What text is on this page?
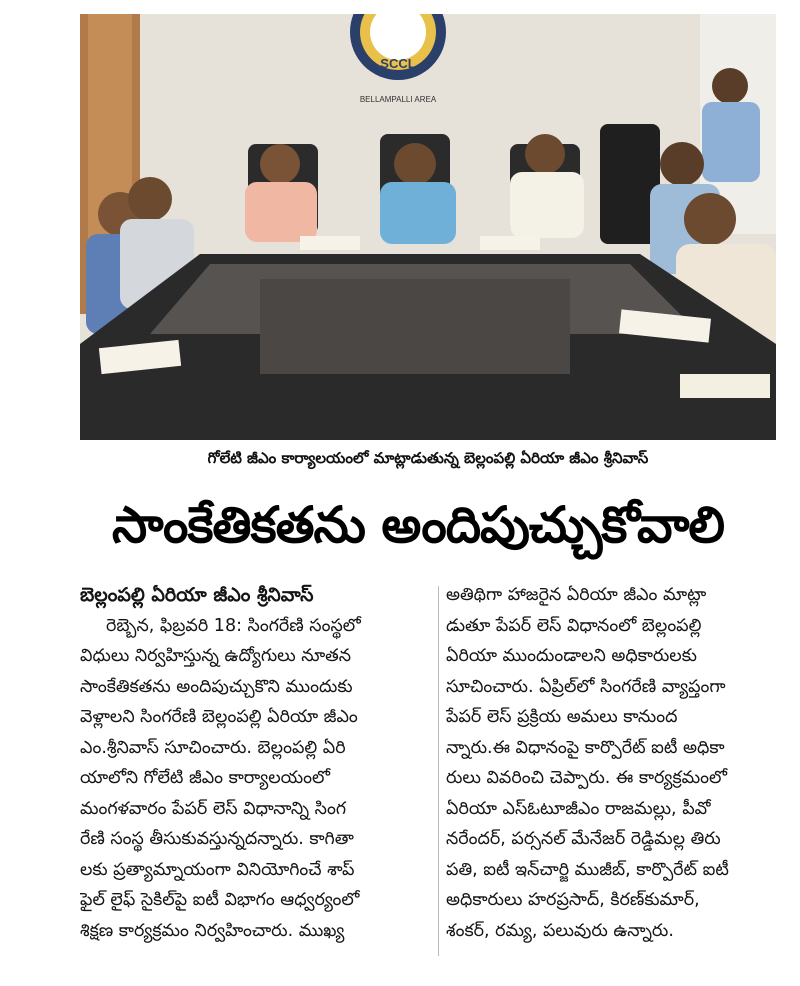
SCCL
BELLAMPALLI AREA
గోలేటి జీఎం కార్యాలయంలో మాట్లాడుతున్న బెల్లంపల్లి ఏరియా జీఎం శ్రీనివాస్
సాంకేతికతను అందిపుచ్చుకోవాలి
బెల్లంపల్లి ఏరియా జీఎం శ్రీనివాస్
రెబ్బెన, ఫిబ్రవరి 18: సింగరేణి సంస్థలో
విధులు నిర్వహిస్తున్న ఉద్యోగులు నూతన
సాంకేతికతను అందిపుచ్చుకొని ముందుకు
వెళ్లాలని సింగరేణి బెల్లంపల్లి ఏరియా జీఎం
ఎం.శ్రీనివాస్ సూచించారు. బెల్లంపల్లి ఏరి
యాలోని గోలేటి జీఎం కార్యాలయంలో
మంగళవారం పేపర్ లెస్ విధానాన్ని సింగ
రేణి సంస్థ తీసుకువస్తున్నదన్నారు. కాగితా
లకు ప్రత్యామ్నాయంగా వినియోగించే శాప్
ఫైల్ లైఫ్ సైకిల్‌పై ఐటీ విభాగం ఆధ్వర్యంలో
శిక్షణ కార్యక్రమం నిర్వహించారు. ముఖ్య
అతిథిగా హాజరైన ఏరియా జీఎం మాట్లా
డుతూ పేపర్ లెస్ విధానంలో బెల్లంపల్లి
ఏరియా ముందుండాలని అధికారులకు
సూచించారు. ఏప్రిల్‌లో సింగరేణి వ్యాప్తంగా
పేపర్ లెస్ ప్రక్రియ అమలు కానుంద
న్నారు.ఈ విధానంపై కార్పొరేట్ ఐటీ అధికా
రులు వివరించి చెప్పారు. ఈ కార్యక్రమంలో
ఏరియా ఎస్‌ఓటూజీఎం రాజమల్లు, పీవో
నరేందర్, పర్సనల్ మేనేజర్ రెడ్డిమల్ల తిరు
పతి, ఐటీ ఇన్‌చార్జి ముజీబ్, కార్పొరేట్ ఐటీ
అధికారులు హరప్రసాద్, కిరణ్‌కుమార్,
శంకర్, రమ్య, పలువురు ఉన్నారు.
